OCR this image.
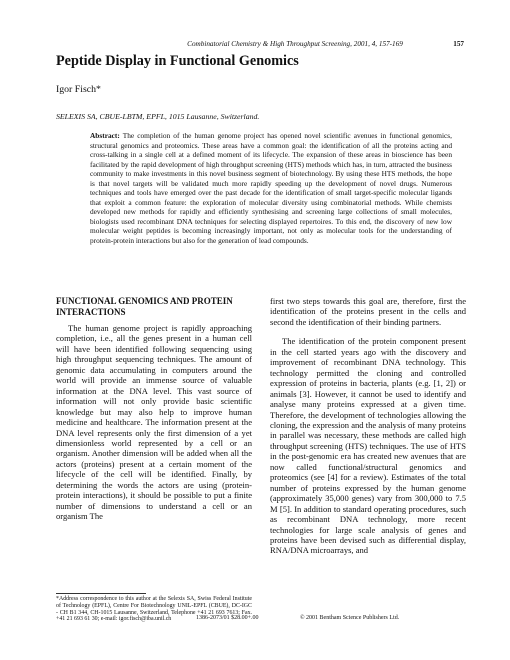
Combinatorial Chemistry & High Throughput Screening, 2001, 4, 157-169	157
Peptide Display in Functional Genomics
Igor Fisch*
SELEXIS SA, CBUE-LBTM, EPFL, 1015 Lausanne, Switzerland.
Abstract: The completion of the human genome project has opened novel scientific avenues in functional genomics, structural genomics and proteomics. These areas have a common goal: the identification of all the proteins acting and cross-talking in a single cell at a defined moment of its lifecycle. The expansion of these areas in bioscience has been facilitated by the rapid development of high throughput screening (HTS) methods which has, in turn, attracted the business community to make investments in this novel business segment of biotechnology. By using these HTS methods, the hope is that novel targets will be validated much more rapidly speeding up the development of novel drugs. Numerous techniques and tools have emerged over the past decade for the identification of small target-specific molecular ligands that exploit a common feature: the exploration of molecular diversity using combinatorial methods. While chemists developed new methods for rapidly and efficiently synthesising and screening large collections of small molecules, biologists used recombinant DNA techniques for selecting displayed repertoires. To this end, the discovery of new low molecular weight peptides is becoming increasingly important, not only as molecular tools for the understanding of protein-protein interactions but also for the generation of lead compounds.
FUNCTIONAL GENOMICS AND PROTEIN INTERACTIONS

The human genome project is rapidly approaching completion, i.e., all the genes present in a human cell will have been identified following sequencing using high throughput sequencing techniques. The amount of genomic data accumulating in computers around the world will provide an immense source of valuable information at the DNA level. This vast source of information will not only provide basic scientific knowledge but may also help to improve human medicine and healthcare. The information present at the DNA level represents only the first dimension of a yet dimensionless world represented by a cell or an organism. Another dimension will be added when all the actors (proteins) present at a certain moment of the lifecycle of the cell will be identified. Finally, by determining the words the actors are using (protein-protein interactions), it should be possible to put a finite number of dimensions to understand a cell or an organism The

first two steps towards this goal are, therefore, first the identification of the proteins present in the cells and second the identification of their binding partners.

The identification of the protein component present in the cell started years ago with the discovery and improvement of recombinant DNA technology. This technology permitted the cloning and controlled expression of proteins in bacteria, plants (e.g. [1, 2]) or animals [3]. However, it cannot be used to identify and analyse many proteins expressed at a given time. Therefore, the development of technologies allowing the cloning, the expression and the analysis of many proteins in parallel was necessary, these methods are called high throughput screening (HTS) techniques. The use of HTS in the post-genomic era has created new avenues that are now called functional/structural genomics and proteomics (see [4] for a review). Estimates of the total number of proteins expressed by the human genome (approximately 35,000 genes) vary from 300,000 to 7.5 M [5]. In addition to standard operating procedures, such as recombinant DNA technology, more recent technologies for large scale analysis of genes and proteins have been devised such as differential display, RNA/DNA microarrays, and

*Address correspondence to this author at the Selexis SA, Swiss Federal Institute of Technology (EPFL), Centre For Biotechnology UNIL-EPFL (CBUE), DC-IGC - CH B1 344, CH-1015 Lausanne, Switzerland, Telephone +41 21 693 7613; Fax. +41 21 693 61 30; e-mail: igor.fisch@iba.unil.ch	1386-2073/01 $28.00+.00	© 2001 Bentham Science Publishers Ltd.
